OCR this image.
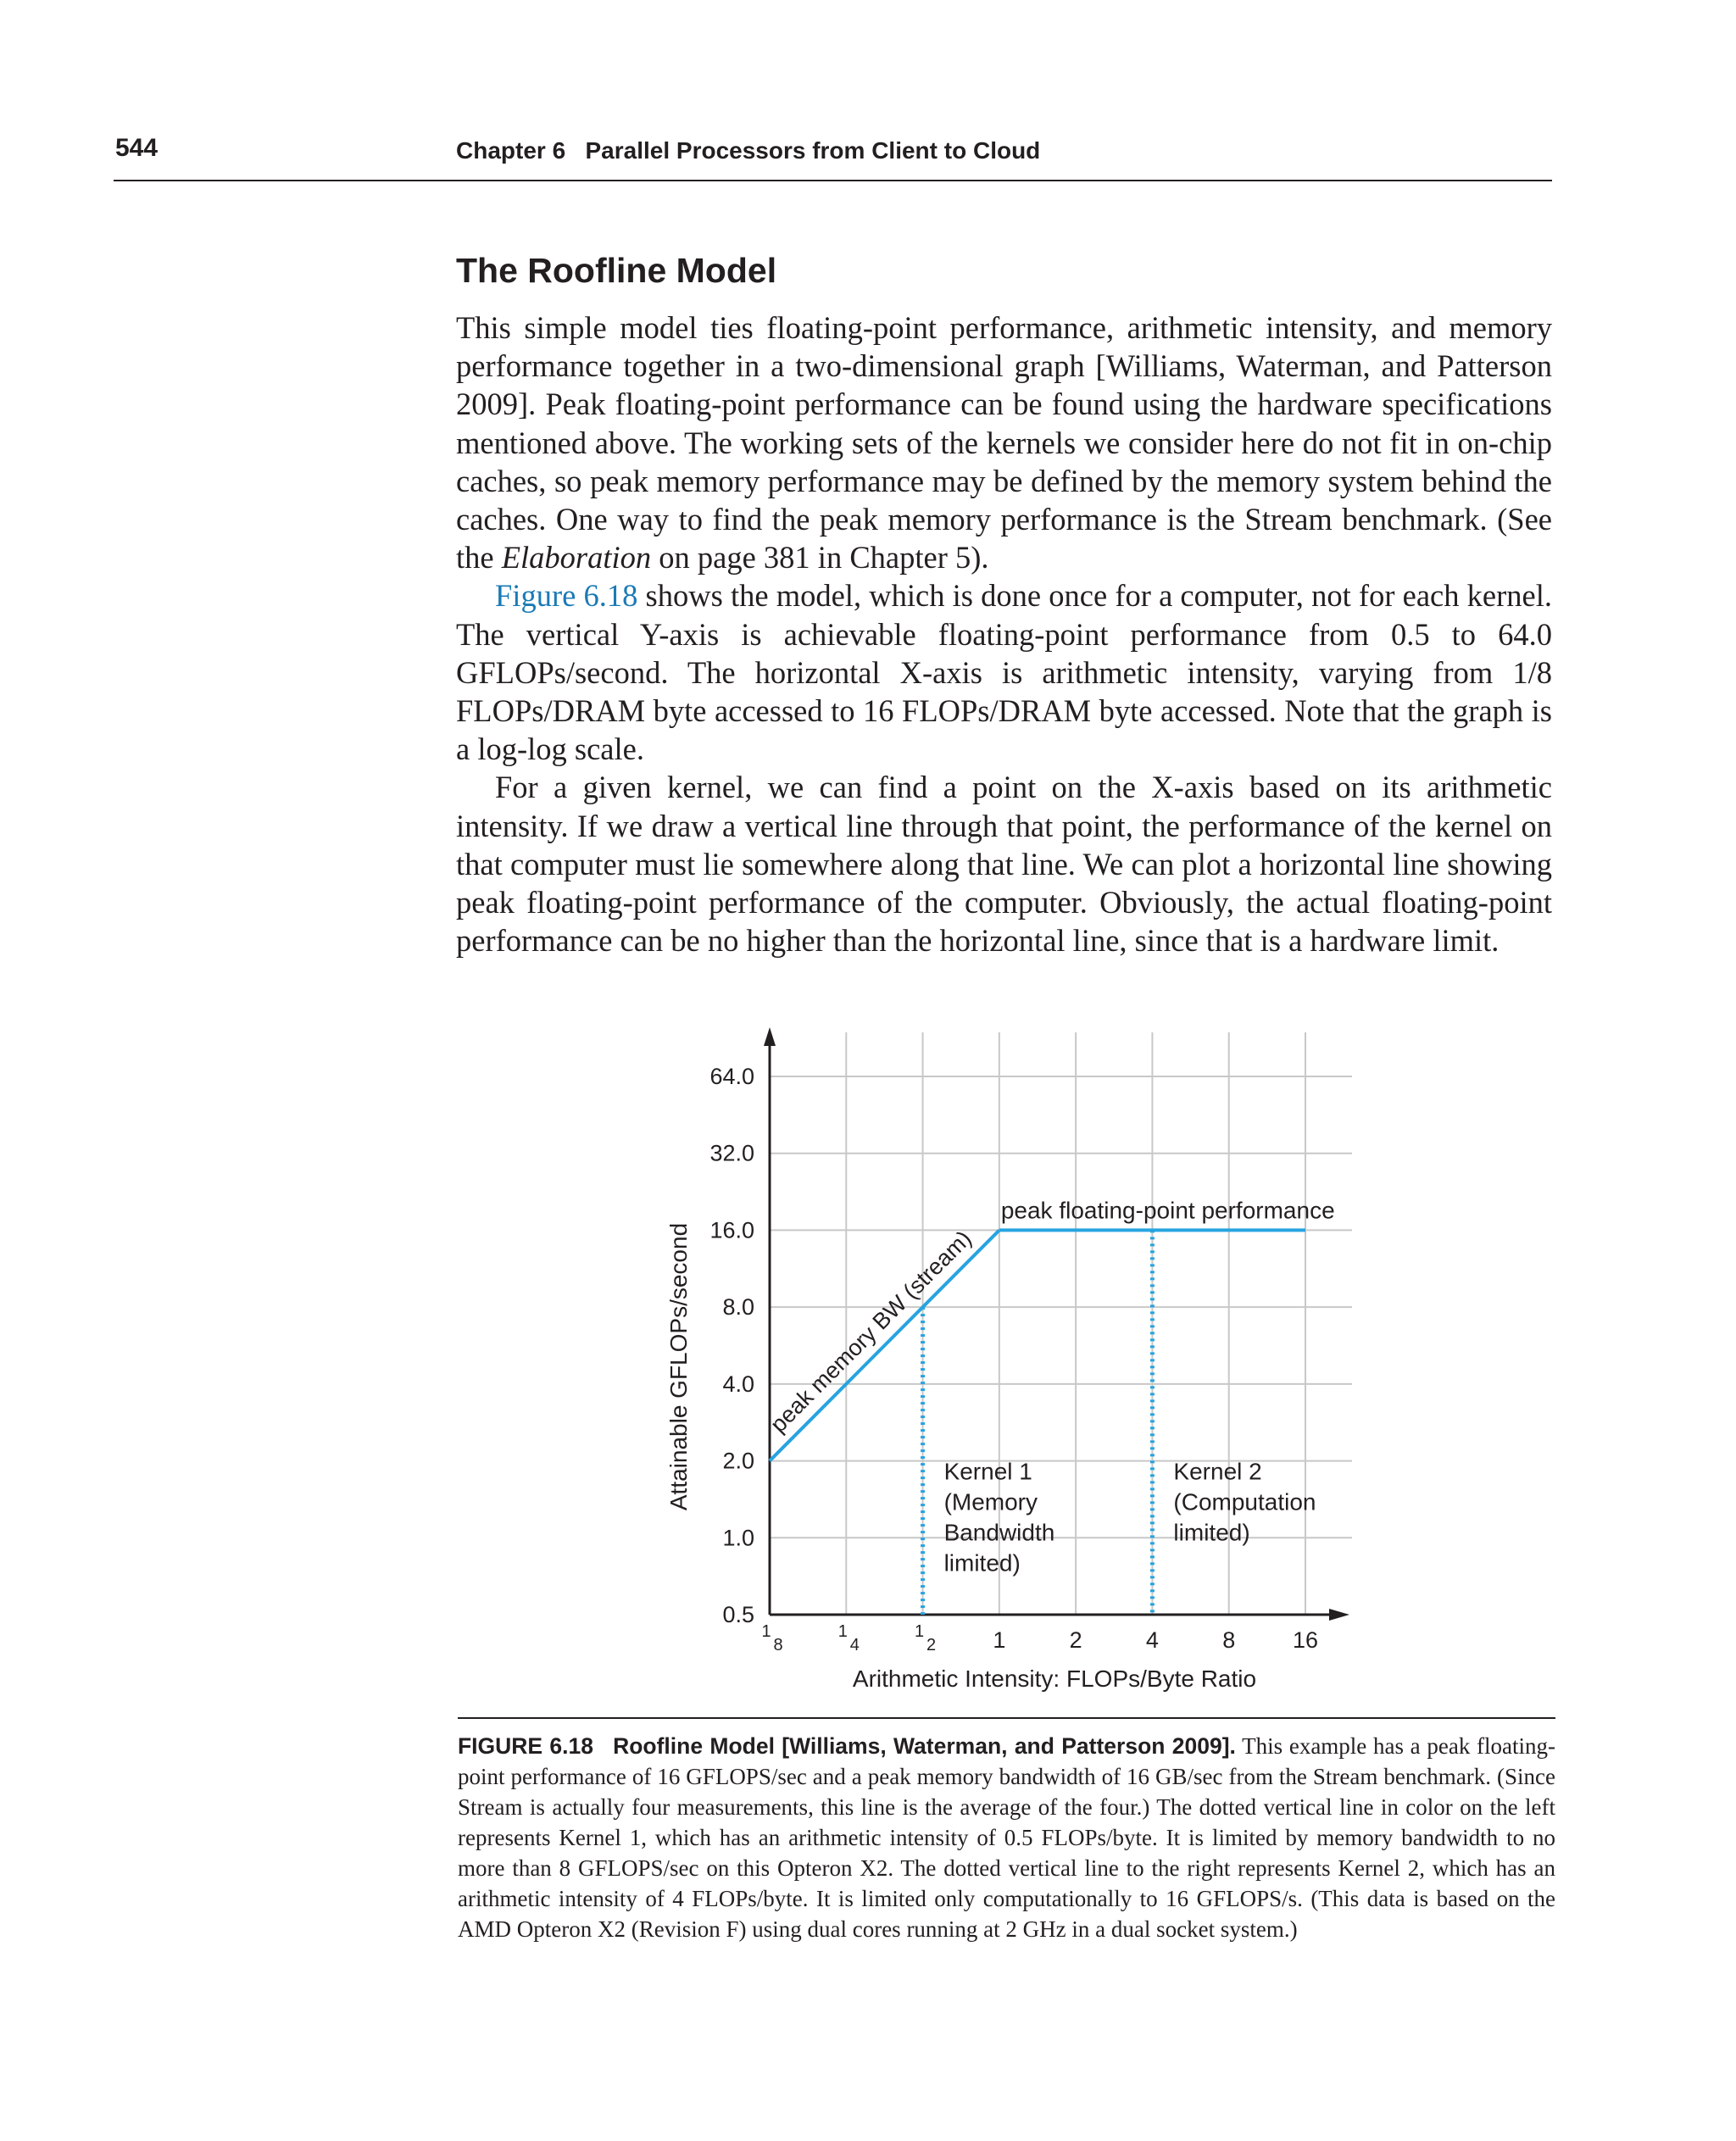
544	Chapter 6   Parallel Processors from Client to Cloud
The Roofline Model

This simple model ties floating-point performance, arithmetic intensity, and memory performance together in a two-dimensional graph [Williams, Waterman, and Patterson 2009]. Peak floating-point performance can be found using the hardware specifications mentioned above. The working sets of the kernels we consider here do not fit in on-chip caches, so peak memory performance may be defined by the memory system behind the caches. One way to find the peak memory performance is the Stream benchmark. (See the Elaboration on page 381 in Chapter 5).

Figure 6.18 shows the model, which is done once for a computer, not for each kernel. The vertical Y-axis is achievable floating-point performance from 0.5 to 64.0 GFLOPs/second. The horizontal X-axis is arithmetic intensity, varying from 1/8 FLOPs/DRAM byte accessed to 16 FLOPs/DRAM byte accessed. Note that the graph is a log-log scale.

For a given kernel, we can find a point on the X-axis based on its arithmetic intensity. If we draw a vertical line through that point, the performance of the kernel on that computer must lie somewhere along that line. We can plot a horizontal line showing peak floating-point performance of the computer. Obviously, the actual floating-point performance can be no higher than the horizontal line, since that is a hardware limit.

0.5
1.0
2.0
4.0
8.0
16.0
32.0
64.0
1
8
1
4
1
2 1	2	4	8	16
Arithmetic Intensity: FLOPs/Byte Ratio
Attainable GFLOPs/second	Kernel 1
(Memory
Bandwidth
limited)
Kernel 2
(Computation
limited)
peak memory BW (stream)
peak floating-point performance
FIGURE 6.18 Roofline Model [Williams, Waterman, and Patterson 2009]. This example has a peak floating-point performance of 16 GFLOPS/sec and a peak memory bandwidth of 16 GB/sec from the Stream benchmark. (Since Stream is actually four measurements, this line is the average of the four.) The dotted vertical line in color on the left represents Kernel 1, which has an arithmetic intensity of 0.5 FLOPs/byte. It is limited by memory bandwidth to no more than 8 GFLOPS/sec on this Opteron X2. The dotted vertical line to the right represents Kernel 2, which has an arithmetic intensity of 4 FLOPs/byte. It is limited only computationally to 16 GFLOPS/s. (This data is based on the AMD Opteron X2 (Revision F) using dual cores running at 2 GHz in a dual socket system.)
